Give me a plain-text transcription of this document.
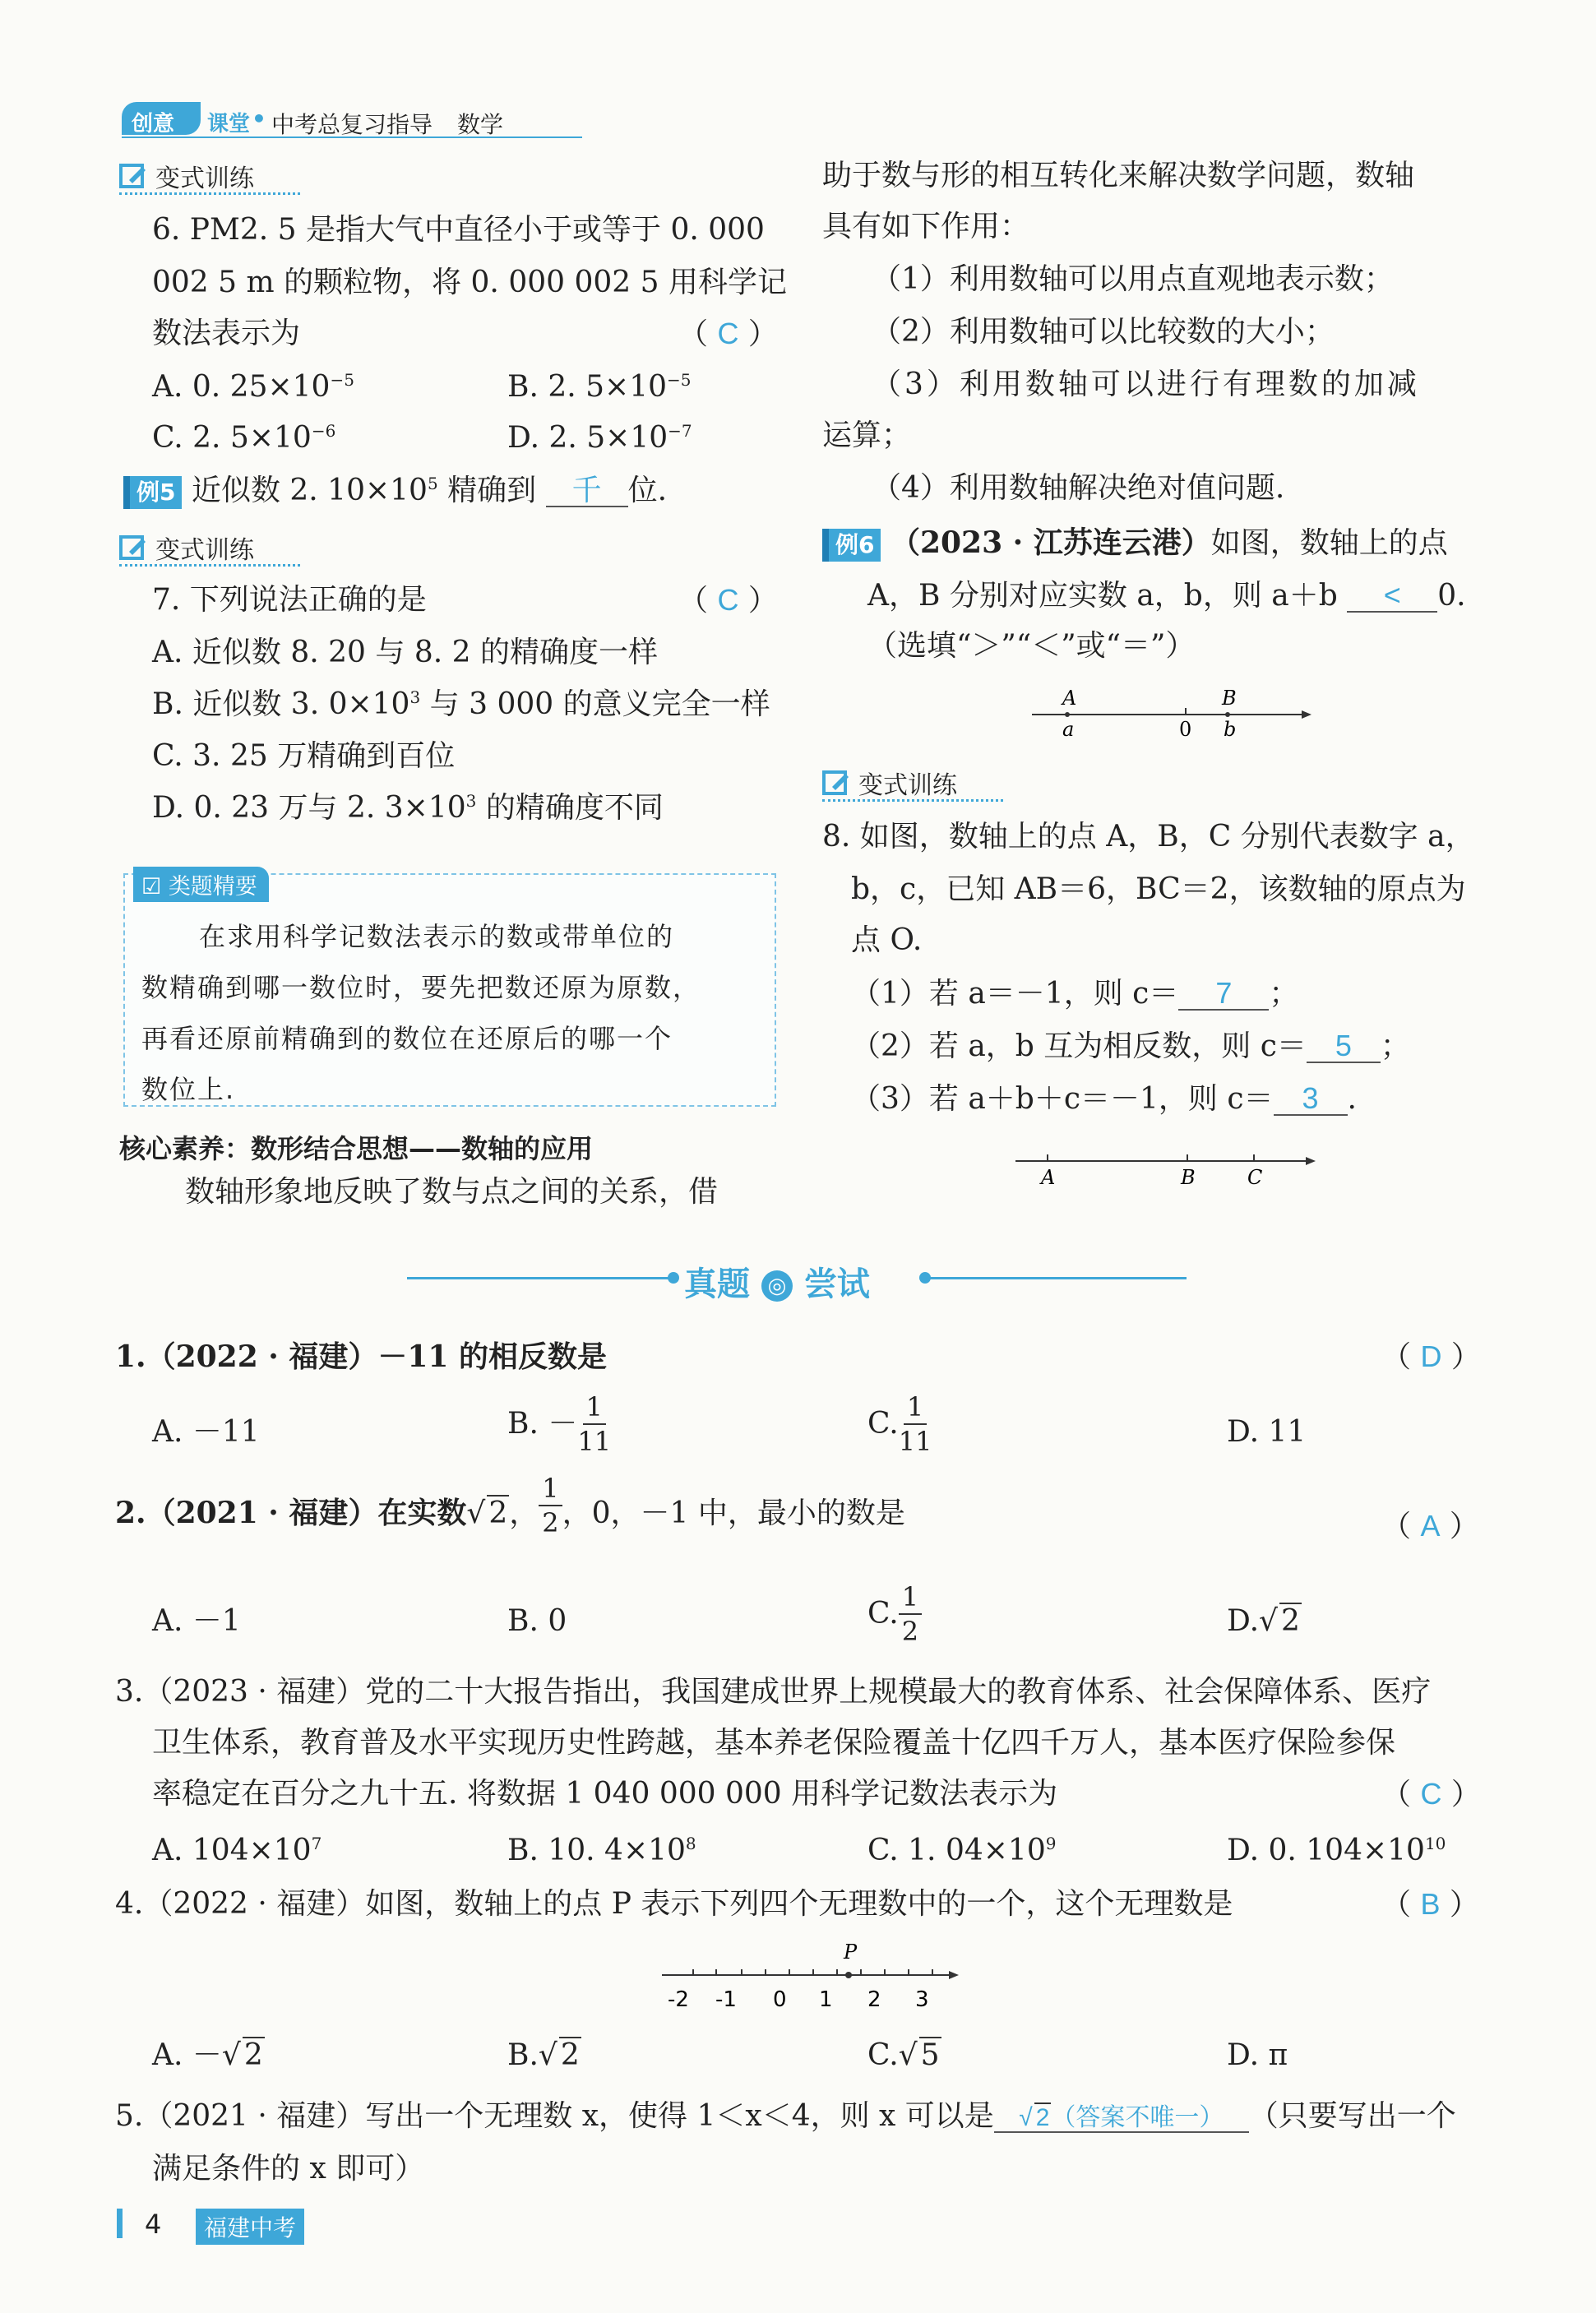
创意 课堂 • 中考总复习指导 数学
变式训练
6. PM2. 5 是指大气中直径小于或等于 0. 000
002 5 m 的颗粒物，将 0. 000 002 5 用科学记
数法表示为	（ C ）
A. 0. $25\times 10^{-5}$	B. 2. $5\times 10^{-5}$
C. 2. $5\times 10^{-6}$	D. 2. $5\times 10^{-7}$
例5 近似数 2. $10\times 10^5$ 精确到 千 位.
变式训练
7. 下列说法正确的是	（ C ）
A. 近似数 8. 20 与 8. 2 的精确度一样
B. 近似数 3. $0\times 10^3$ 与 3 000 的意义完全一样
C. 3. 25 万精确到百位
D. 0. 23 万与 2. $3\times 10^3$ 的精确度不同
☑ 类题精要
在求用科学记数法表示的数或带单位的
数精确到哪一数位时，要先把数还原为原数，
再看还原前精确到的数位在还原后的哪一个
数位上.
核心素养：数形结合思想——数轴的应用
数轴形象地反映了数与点之间的关系，借
助于数与形的相互转化来解决数学问题，数轴
具有如下作用：
（1）利用数轴可以用点直观地表示数；
（2）利用数轴可以比较数的大小；
（3）利用数轴可以进行有理数的加减
运算；
（4）利用数轴解决绝对值问题.
例6 （2023 · 江苏连云港）如图，数轴上的点
A，B 分别对应实数 a，b，则 a＋b < 0.
（选填“＞”“＜”或“＝”）
A
a	0
B
b
变式训练
8. 如图，数轴上的点 A，B，C 分别代表数字 a，
b，c，已知 AB＝6，BC＝2，该数轴的原点为
点 O.
（1）若 a＝－1，则 c＝ 7 ；
（2）若 a，b 互为相反数，则 c＝ 5 ；
（3）若 a＋b＋c＝－1，则 c＝ 3 .
A	B	C
真题 ◎ 尝试
1.（2022 · 福建）－11 的相反数是	（ D ）
A. －11	B. － $\frac{1}{11}$	C. $\frac{1}{11}$	D. 11
2.（2021 · 福建）在实数√ 2， $\frac{1}{2}$ ，0，－1 中，最小的数是	（ A ）
A. －1	B. 0	C. $\frac{1}{2}$	D.√ 2
3.（2023 · 福建）党的二十大报告指出，我国建成世界上规模最大的教育体系、社会保障体系、医疗
卫生体系，教育普及水平实现历史性跨越，基本养老保险覆盖十亿四千万人，基本医疗保险参保
率稳定在百分之九十五. 将数据 1 040 000 000 用科学记数法表示为	（ C ）
A. $104\times 10^7$	B. 10. $4\times 10^8$	C. 1. $04\times 10^9$	D. 0. $104\times 10^{10}$
4.（2022 · 福建）如图，数轴上的点 P 表示下列四个无理数中的一个，这个无理数是	（ B ）
P
-2 -1 0 1 2 3
A. －√ 2	B.√ 2	C.√ 5	D. π
5.（2021 · 福建）写出一个无理数 x，使得 1＜x＜4，则 x 可以是 √ 2（答案不唯一） （只要写出一个
满足条件的 x 即可）
4	福建中考
